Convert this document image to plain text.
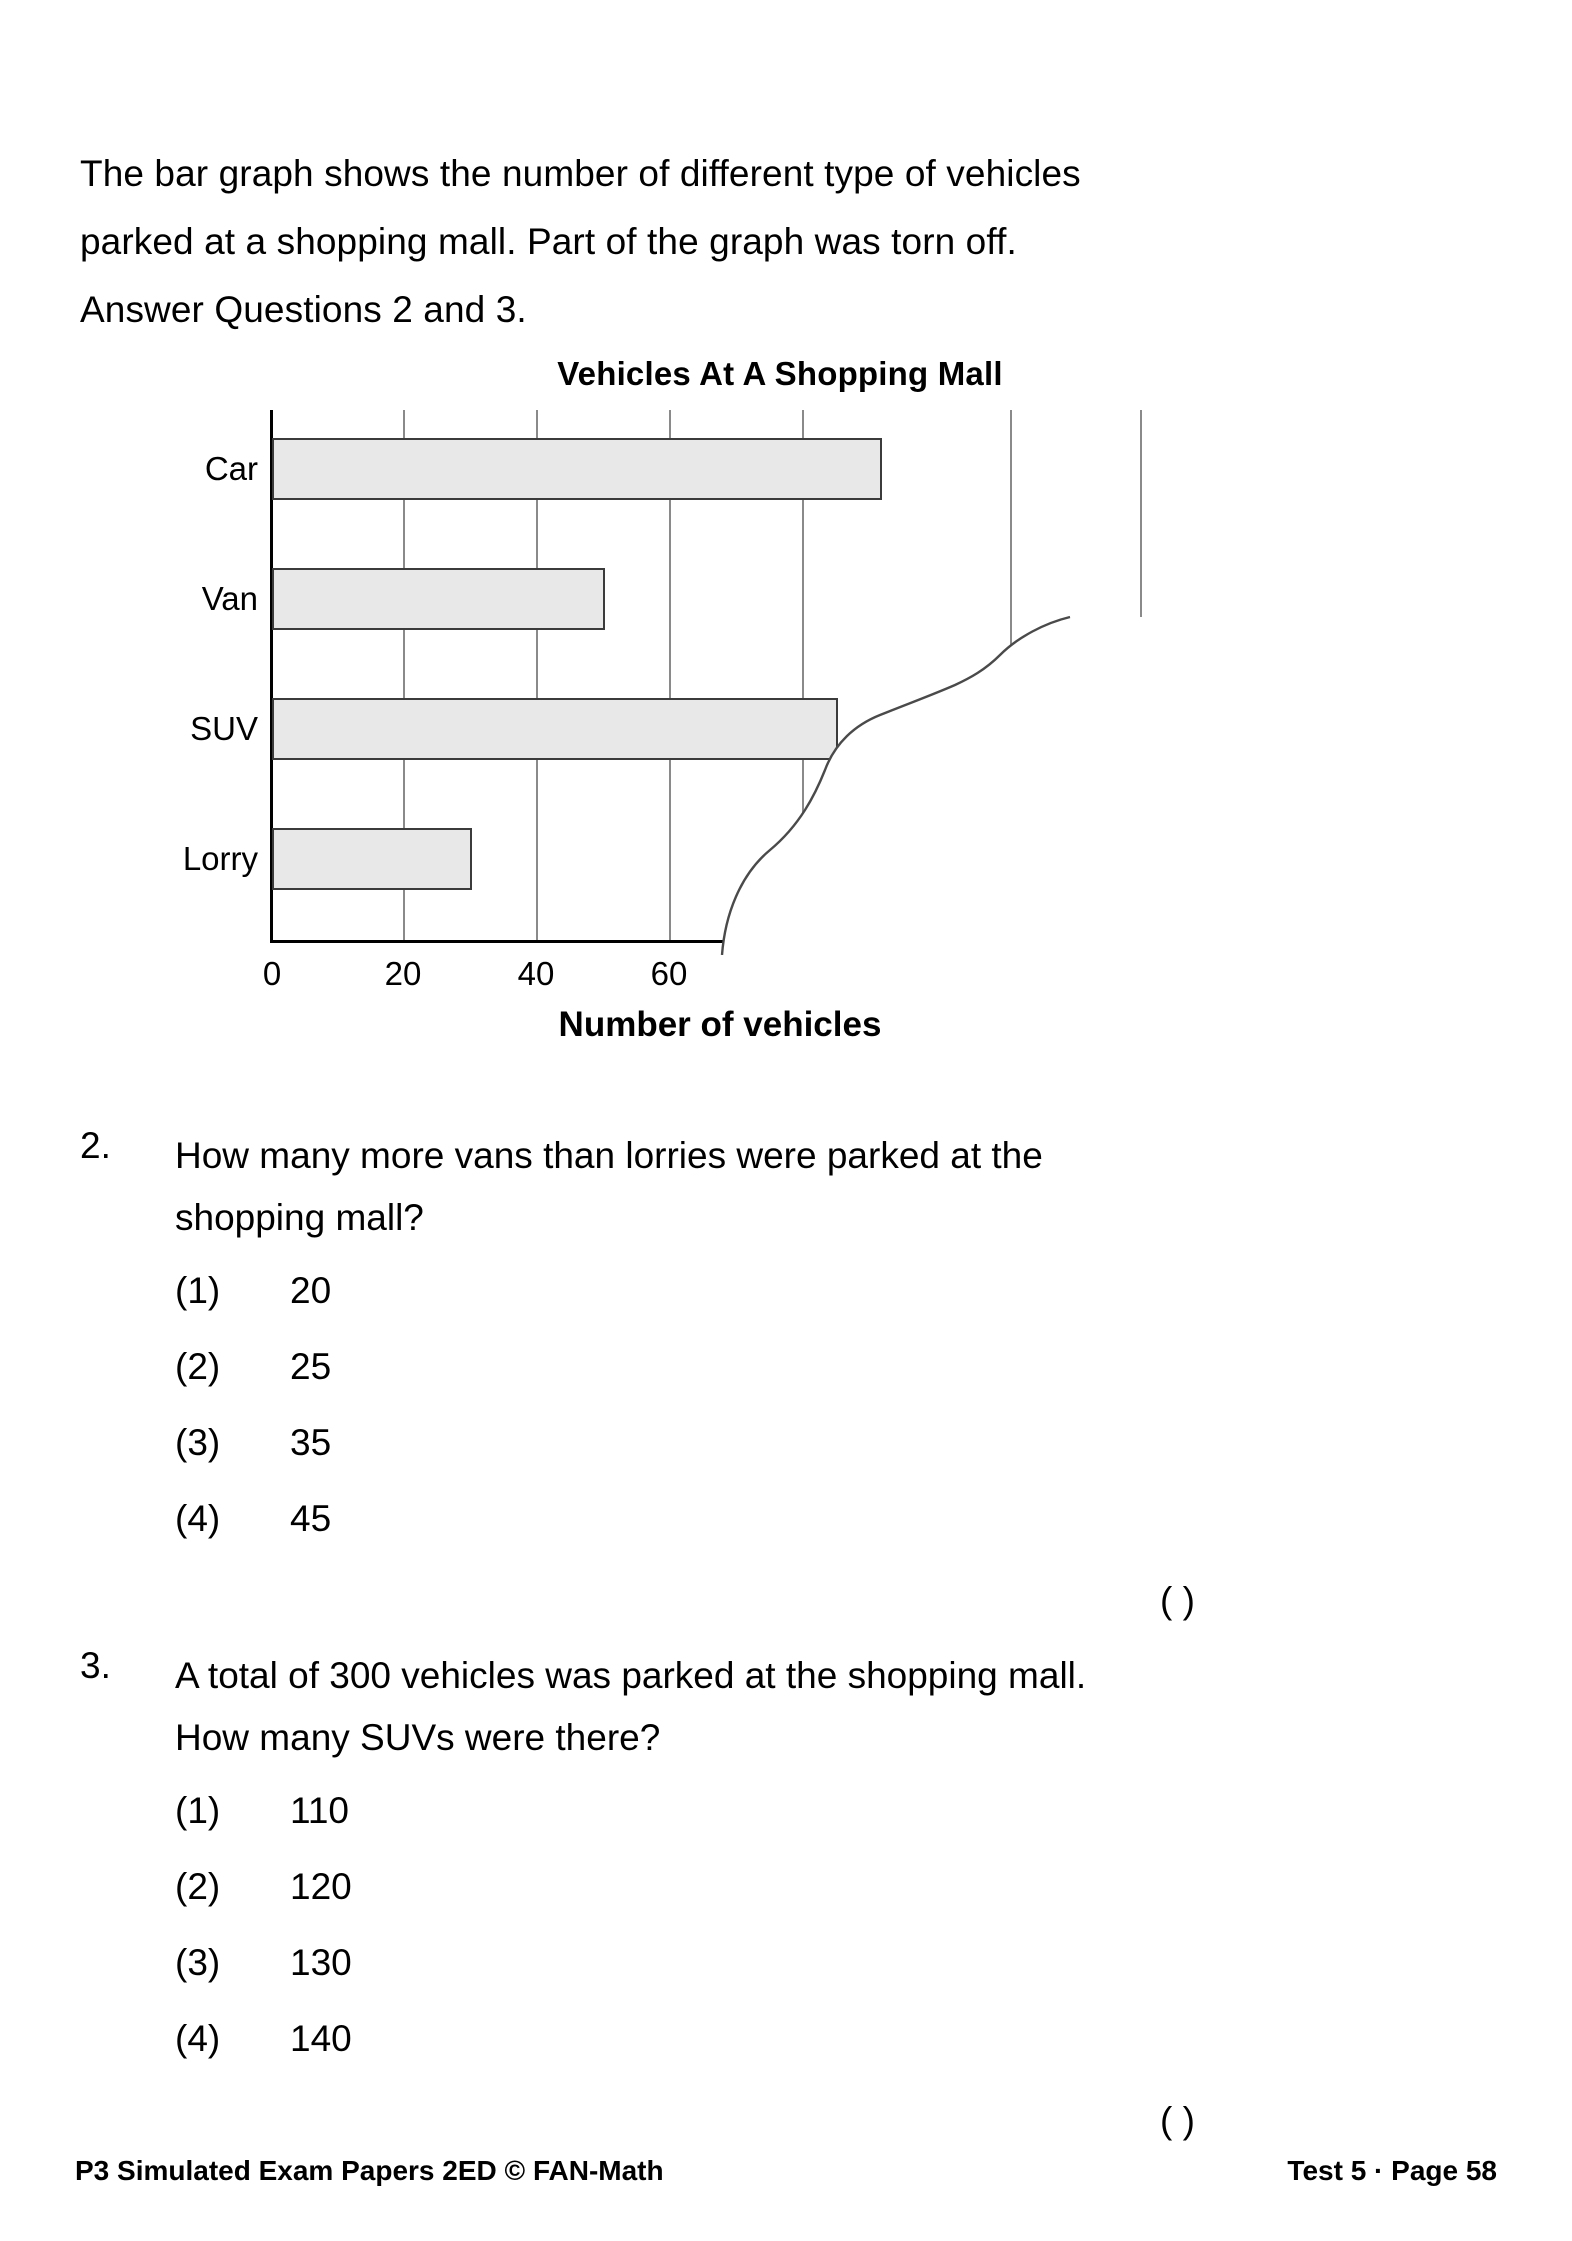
The bar graph shows the number of different type of vehicles
parked at a shopping mall. Part of the graph was torn off.
Answer Questions 2 and 3.
Vehicles At A Shopping Mall
Car
Van
SUV
Lorry
0	20	40	60
Number of vehicles
2. How many more vans than lorries were parked at the
shopping mall?
(1) 20
(2) 25
(3) 35
(4) 45
( )
3. A total of 300 vehicles was parked at the shopping mall.
How many SUVs were there?
(1) 110
(2) 120
(3) 130
(4) 140
( )
P3 Simulated Exam Papers 2ED © FAN-Math	Test 5 · Page 58
